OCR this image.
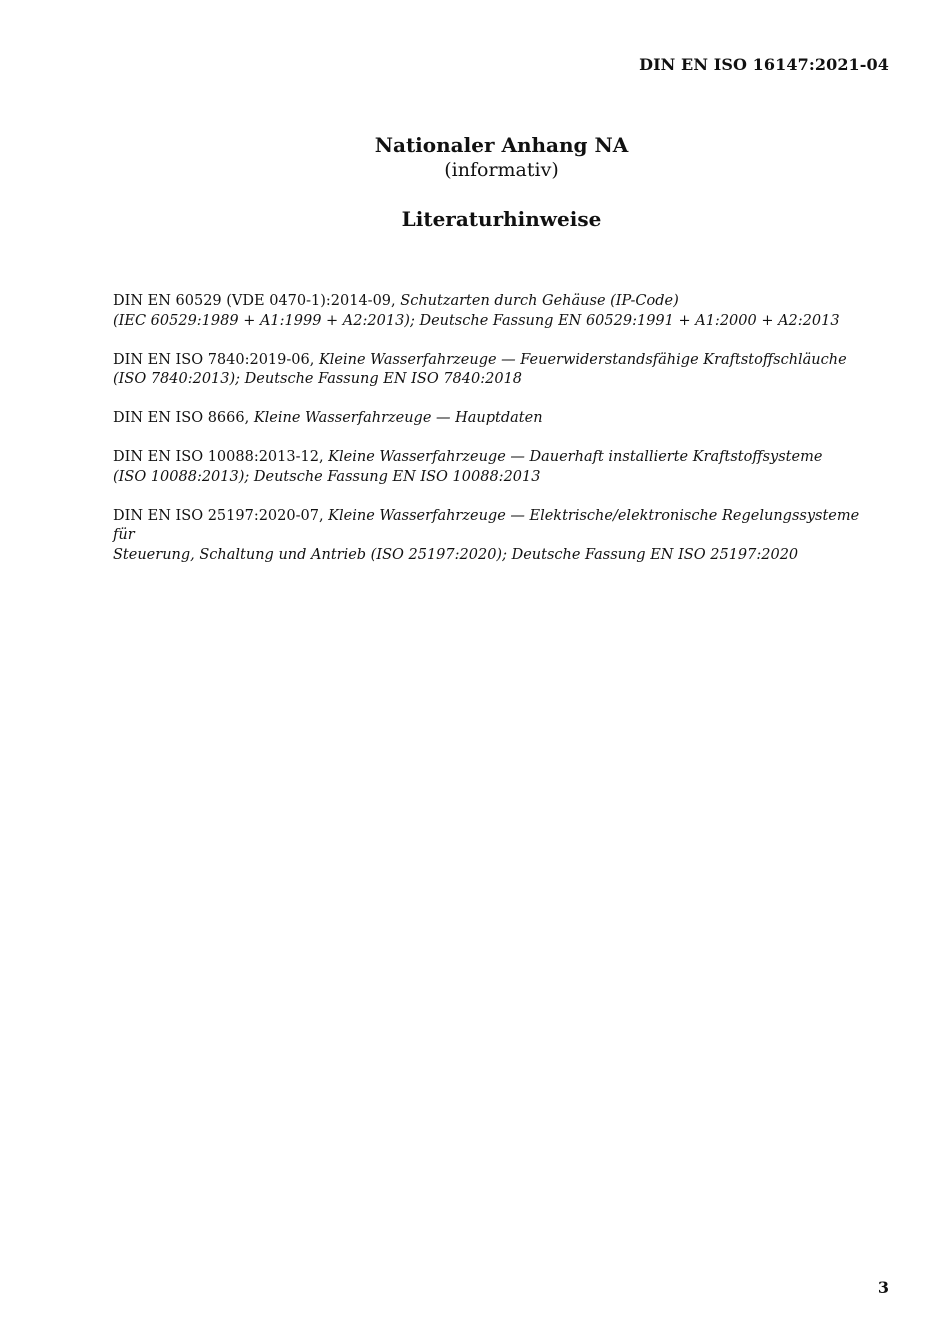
DIN EN ISO 16147:2021-04
Nationaler Anhang NA
(informativ)
Literaturhinweise
DIN EN 60529 (VDE 0470-1):2014-09, Schutzarten durch Gehäuse (IP-Code)
(IEC 60529:1989 + A1:1999 + A2:2013); Deutsche Fassung EN 60529:1991 + A1:2000 + A2:2013
DIN EN ISO 7840:2019-06, Kleine Wasserfahrzeuge — Feuerwiderstandsfähige Kraftstoffschläuche
(ISO 7840:2013); Deutsche Fassung EN ISO 7840:2018
DIN EN ISO 8666, Kleine Wasserfahrzeuge — Hauptdaten
DIN EN ISO 10088:2013-12, Kleine Wasserfahrzeuge — Dauerhaft installierte Kraftstoffsysteme
(ISO 10088:2013); Deutsche Fassung EN ISO 10088:2013
DIN EN ISO 25197:2020-07, Kleine Wasserfahrzeuge — Elektrische/elektronische Regelungssysteme für
Steuerung, Schaltung und Antrieb (ISO 25197:2020); Deutsche Fassung EN ISO 25197:2020
3
